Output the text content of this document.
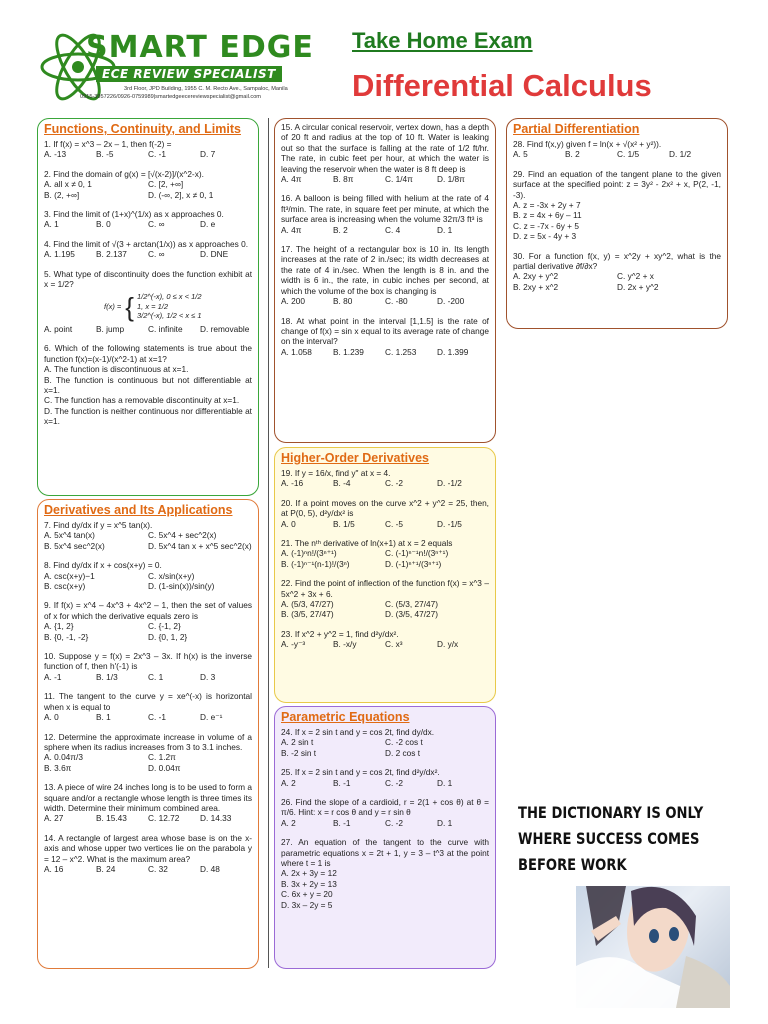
SMART EDGE
ECE REVIEW SPECIALIST
3rd Floor, JPD Building, 1955 C. M. Recto Ave., Sampaloc, Manila
0915-3957226/0926-0759989|smartedgeecereviewspecialist@gmail.com
Take Home Exam
Differential Calculus
Functions, Continuity, and Limits
1. If f(x) = x^3 – 2x – 1, then f(-2) =
A. -13	B. -5	C. -1	D. 7
2. Find the domain of g(x) = [√(x-2)]/(x^2-x).
A. all x ≠ 0, 1	C. [2, +∞]
B. (2, +∞]	D. (-∞, 2], x ≠ 0, 1
3. Find the limit of (1+x)^(1/x) as x approaches 0.
A. 1	B. 0	C. ∞	D. e
4. Find the limit of √(3 + arctan(1/x)) as x approaches 0.
A. 1.195	B. 2.137	C. ∞	D. DNE
5. What type of discontinuity does the function exhibit at x = 1/2?
f(x) = { 1/2^(-x), 0 ≤ x < 1/2
1, x = 1/2
3/2^(-x), 1/2 < x ≤ 1
A. point	B. jump	C. infinite	D. removable
6. Which of the following statements is true about the function f(x)=(x-1)/(x^2-1) at x=1?
A. The function is discontinuous at x=1.
B. The function is continuous but not differentiable at x=1.
C. The function has a removable discontinuity at x=1.
D. The function is neither continuous nor differentiable at x=1.
Derivatives and Its Applications
7. Find dy/dx if y = x^5 tan(x).
A. 5x^4 tan(x)	C. 5x^4 + sec^2(x)
B. 5x^4 sec^2(x)	D. 5x^4 tan x + x^5 sec^2(x)
8. Find dy/dx if x + cos(x+y) = 0.
A. csc(x+y)−1	C. x/sin(x+y)
B. csc(x+y)	D. (1-sin(x))/sin(y)
9. If f(x) = x^4 – 4x^3 + 4x^2 – 1, then the set of values of x for which the derivative equals zero is
A. {1, 2}	C. {-1, 2}
B. {0, -1, -2}	D. {0, 1, 2}
10. Suppose y = f(x) = 2x^3 – 3x. If h(x) is the inverse function of f, then h'(-1) is
A. -1	B. 1/3	C. 1	D. 3
11. The tangent to the curve y = xe^(-x) is horizontal when x is equal to
A. 0	B. 1	C. -1	D. e⁻¹
12. Determine the approximate increase in volume of a sphere when its radius increases from 3 to 3.1 inches.
A. 0.04π/3	C. 1.2π
B. 3.6π	D. 0.04π
13. A piece of wire 24 inches long is to be used to form a square and/or a rectangle whose length is three times its width. Determine their minimum combined area.
A. 27	B. 15.43	C. 12.72	D. 14.33
14. A rectangle of largest area whose base is on the x-axis and whose upper two vertices lie on the parabola y = 12 – x^2. What is the maximum area?
A. 16	B. 24	C. 32	D. 48
15. A circular conical reservoir, vertex down, has a depth of 20 ft and radius at the top of 10 ft. Water is leaking out so that the surface is falling at the rate of 1/2 ft/hr. The rate, in cubic feet per hour, at which the water is leaving the reservoir when the water is 8 ft deep is
A. 4π	B. 8π	C. 1/4π	D. 1/8π
16. A balloon is being filled with helium at the rate of 4 ft³/min. The rate, in square feet per minute, at which the surface area is increasing when the volume 32π/3 ft³ is
A. 4π	B. 2	C. 4	D. 1
17. The height of a rectangular box is 10 in. Its length increases at the rate of 2 in./sec; its width decreases at the rate of 4 in./sec. When the length is 8 in. and the width is 6 in., the rate, in cubic inches per second, at which the volume of the box is changing is
A. 200	B. 80	C. -80	D. -200
18. At what point in the interval [1,1.5] is the rate of change of f(x) = sin x equal to its average rate of change on the interval?
A. 1.058	B. 1.239	C. 1.253	D. 1.399
Higher-Order Derivatives
19. If y = 16/x, find y" at x = 4.
A. -16	B. -4	C. -2	D. -1/2
20. If a point moves on the curve x^2 + y^2 = 25, then, at P(0, 5), d²y/dx² is
A. 0	B. 1/5	C. -5	D. -1/5
21. The nᵗʰ derivative of ln(x+1) at x = 2 equals
A. (-1)ⁿn!/(3ⁿ⁺¹)	C. (-1)ⁿ⁻¹n!/(3ⁿ⁺¹)
B. (-1)ⁿ⁻¹(n-1)!/(3ⁿ)	D. (-1)ⁿ⁺¹/(3ⁿ⁺¹)
22. Find the point of inflection of the function f(x) = x^3 – 5x^2 + 3x + 6.
A. (5/3, 47/27)	C. (5/3, 27/47)
B. (3/5, 27/47)	D. (3/5, 47/27)
23. If x^2 + y^2 = 1, find d²y/dx².
A. -y⁻³	B. -x/y	C. x³	D. y/x
Parametric Equations
24. If x = 2 sin t and y = cos 2t, find dy/dx.
A. 2 sin t	C. -2 cos t
B. -2 sin t	D. 2 cos t
25. If x = 2 sin t and y = cos 2t, find d²y/dx².
A. 2	B. -1	C. -2	D. 1
26. Find the slope of a cardioid, r = 2(1 + cos θ) at θ = π/6. Hint: x = r cos θ and y = r sin θ
A. 2	B. -1	C. -2	D. 1
27. An equation of the tangent to the curve with parametric equations x = 2t + 1, y = 3 – t^3 at the point where t = 1 is
A. 2x + 3y = 12
B. 3x + 2y = 13
C. 6x + y = 20
D. 3x – 2y = 5
Partial Differentiation
28. Find f(x,y) given f = ln(x + √(x² + y²)).
A. 5	B. 2	C. 1/5	D. 1/2
29. Find an equation of the tangent plane to the given surface at the specified point: z = 3y² - 2x² + x, P(2, -1, -3).
A. z = -3x + 2y + 7
B. z = 4x + 6y – 11
C. z = -7x - 6y + 5
D. z = 5x - 4y + 3
30. For a function f(x, y) = x^2y + xy^2, what is the partial derivative ∂f/∂x?
A. 2xy + y^2	C. y^2 + x
B. 2xy + x^2	D. 2x + y^2
THE DICTIONARY IS ONLY
WHERE SUCCESS COMES
BEFORE WORK
